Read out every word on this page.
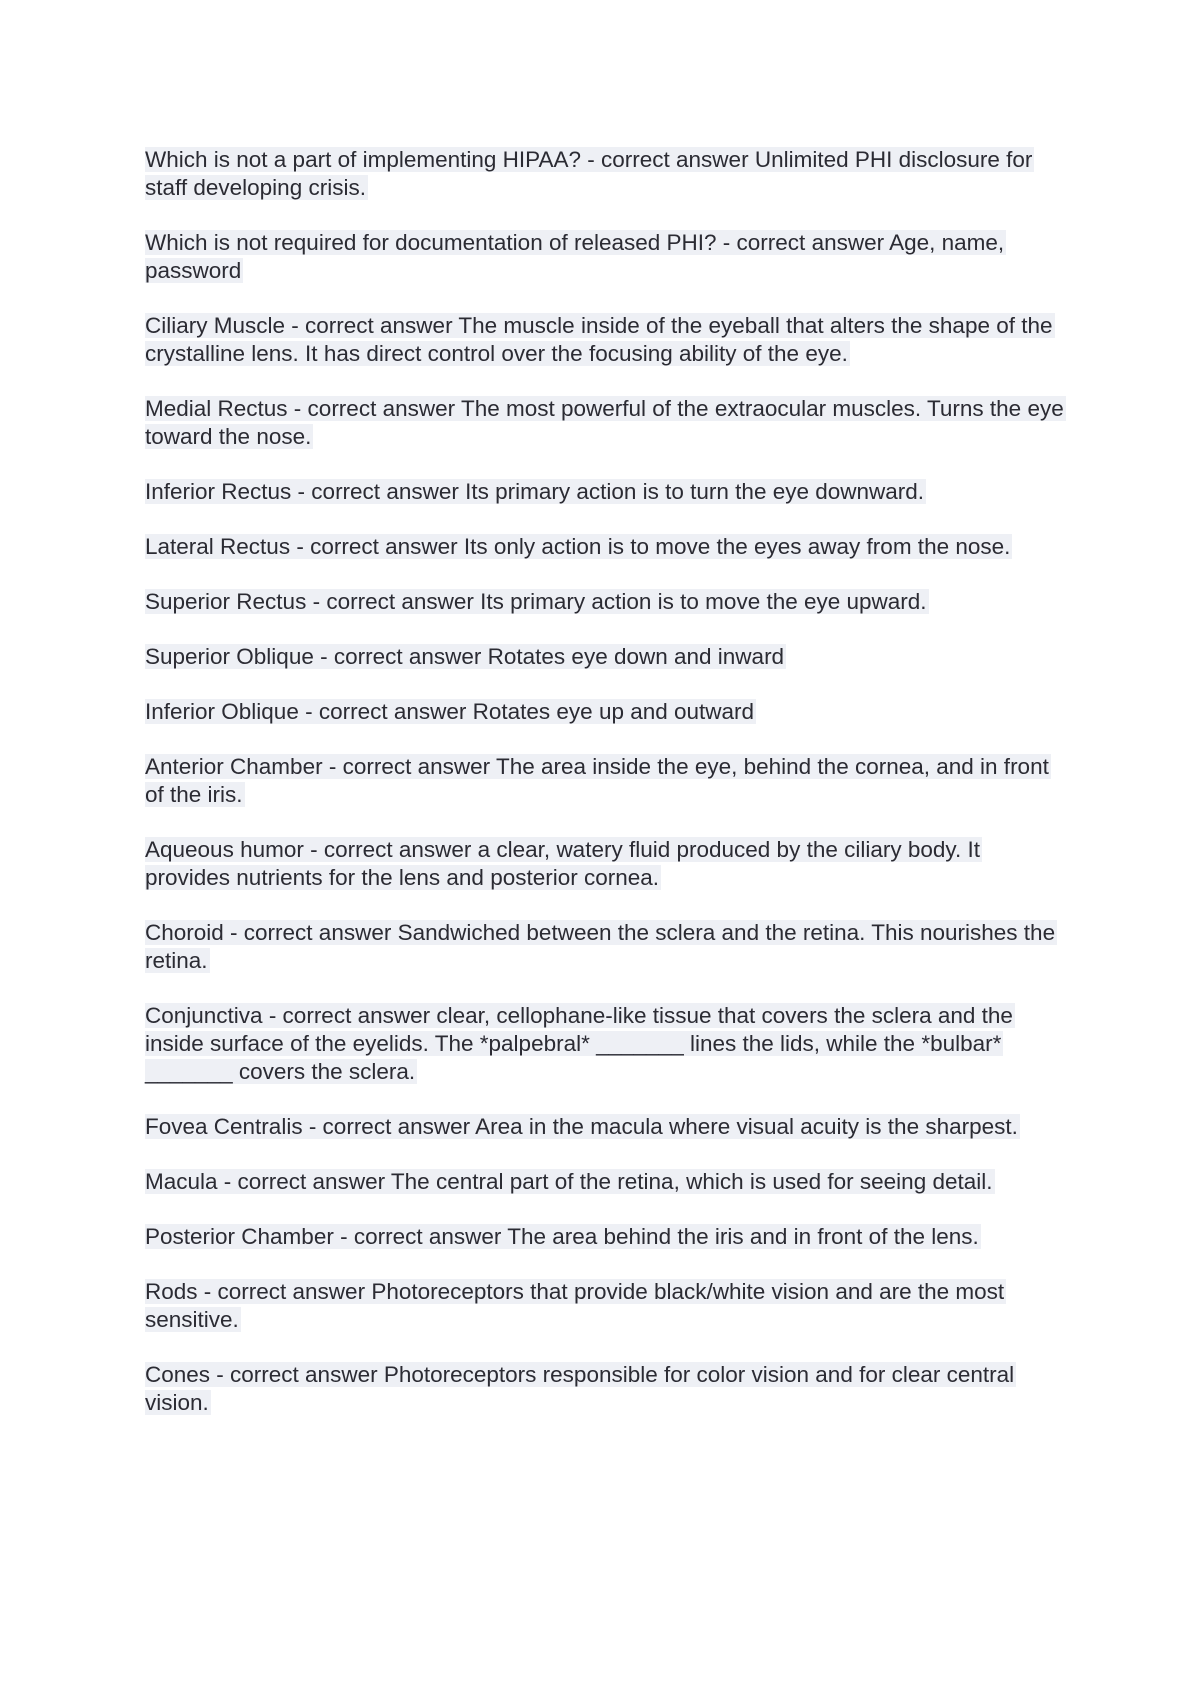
Which is not a part of implementing HIPAA? - correct answer Unlimited PHI disclosure for staff developing crisis.

Which is not required for documentation of released PHI? - correct answer Age, name, password

Ciliary Muscle - correct answer The muscle inside of the eyeball that alters the shape of the crystalline lens. It has direct control over the focusing ability of the eye.

Medial Rectus - correct answer The most powerful of the extraocular muscles. Turns the eye toward the nose.

Inferior Rectus - correct answer Its primary action is to turn the eye downward.

Lateral Rectus - correct answer Its only action is to move the eyes away from the nose.

Superior Rectus - correct answer Its primary action is to move the eye upward.

Superior Oblique - correct answer Rotates eye down and inward

Inferior Oblique - correct answer Rotates eye up and outward

Anterior Chamber - correct answer The area inside the eye, behind the cornea, and in front of the iris.

Aqueous humor - correct answer a clear, watery fluid produced by the ciliary body. It provides nutrients for the lens and posterior cornea.

Choroid - correct answer Sandwiched between the sclera and the retina. This nourishes the retina.

Conjunctiva - correct answer clear, cellophane-like tissue that covers the sclera and the inside surface of the eyelids. The *palpebral* _______ lines the lids, while the *bulbar* _______ covers the sclera.

Fovea Centralis - correct answer Area in the macula where visual acuity is the sharpest.

Macula - correct answer The central part of the retina, which is used for seeing detail.

Posterior Chamber - correct answer The area behind the iris and in front of the lens.

Rods - correct answer Photoreceptors that provide black/white vision and are the most sensitive.

Cones - correct answer Photoreceptors responsible for color vision and for clear central vision.
